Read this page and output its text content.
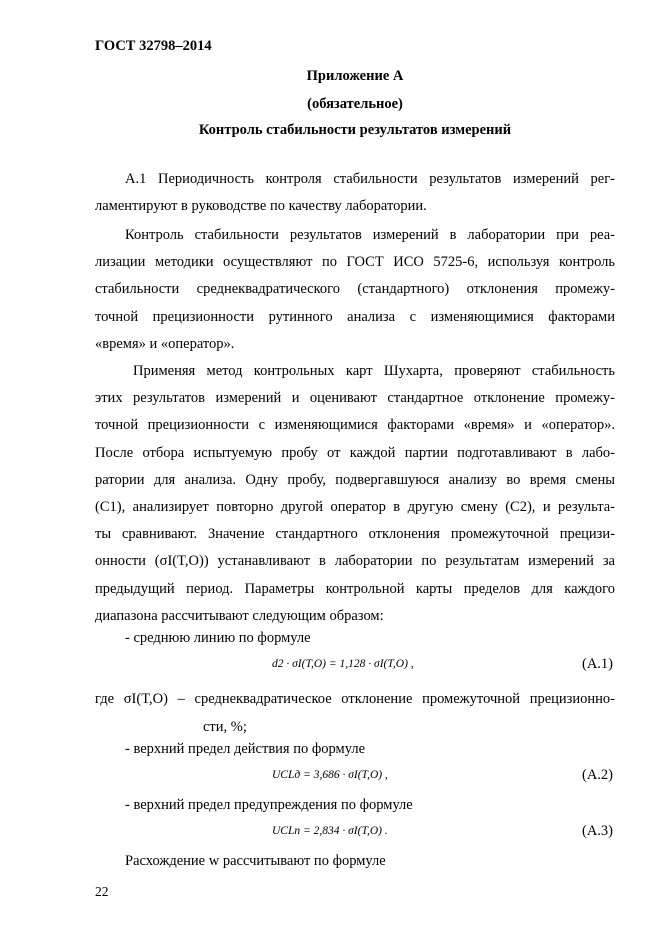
ГОСТ 32798–2014
Приложение А
(обязательное)
Контроль стабильности результатов измерений
А.1 Периодичность контроля стабильности результатов измерений рег-
ламентируют в руководстве по качеству лаборатории.
Контроль стабильности результатов измерений в лаборатории при реа-
лизации методики осуществляют по ГОСТ ИСО 5725-6, используя контроль
стабильности среднеквадратического (стандартного) отклонения промежу-
точной прецизионности рутинного анализа с изменяющимися факторами
«время» и «оператор».
Применяя метод контрольных карт Шухарта, проверяют стабильность
этих результатов измерений и оценивают стандартное отклонение промежу-
точной прецизионности с изменяющимися факторами «время» и «оператор».
После отбора испытуемую пробу от каждой партии подготавливают в лабо-
ратории для анализа. Одну пробу, подвергавшуюся анализу во время смены
(C1), анализирует повторно другой оператор в другую смену (C2), и результа-
ты сравнивают. Значение стандартного отклонения промежуточной прецизи-
онности (σI(T,O)) устанавливают в лаборатории по результатам измерений за
предыдущий период. Параметры контрольной карты пределов для каждого
диапазона рассчитывают следующим образом:
- среднюю линию по формуле
d2 · σI(T,O) = 1,128 · σI(T,O) ,	(А.1)
где σI(T,O) – среднеквадратическое отклонение промежуточной прецизионно-
сти, %;
- верхний предел действия по формуле
UCLд = 3,686 · σI(T,O) ,	(А.2)
- верхний предел предупреждения по формуле
UCLп = 2,834 · σI(T,O) .	(А.3)
Расхождение w рассчитывают по формуле
22
